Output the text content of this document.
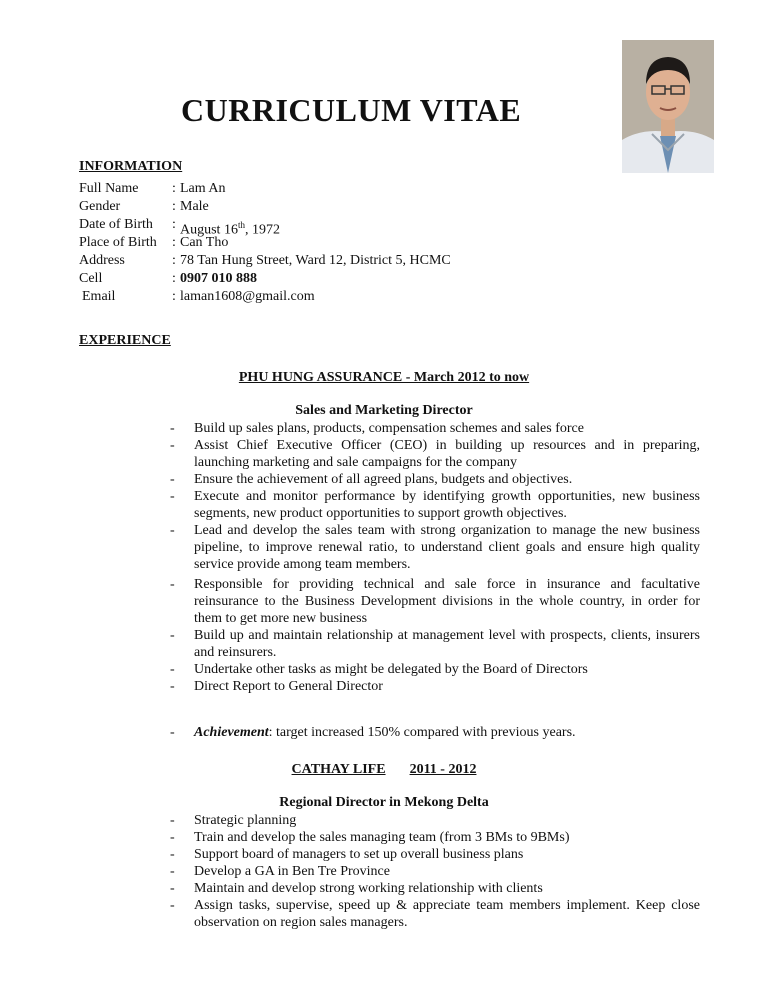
CURRICULUM VITAE
INFORMATION
Full Name	: Lam An
Gender	: Male
Date of Birth	: August 16th, 1972
Place of Birth	: Can Tho
Address	: 78 Tan Hung Street, Ward 12, District 5, HCMC
Cell	: 0907 010 888
Email	: laman1608@gmail.com
EXPERIENCE
PHU HUNG ASSURANCE - March 2012 to now
Sales and Marketing Director
-	Build up sales plans, products, compensation schemes and sales force
-	Assist Chief Executive Officer (CEO) in building up resources and in preparing, launching marketing and sale campaigns for the company
-	Ensure the achievement of all agreed plans, budgets and objectives.
-	Execute and monitor performance by identifying growth opportunities, new business segments, new product opportunities to support growth objectives.
-	Lead and develop the sales team with strong organization to manage the new business pipeline, to improve renewal ratio, to understand client goals and ensure high quality service provide among team members.
-	Responsible for providing technical and sale force in insurance and facultative reinsurance to the Business Development divisions in the whole country, in order for them to get more new business
-	Build up and maintain relationship at management level with prospects, clients, insurers and reinsurers.
-	Undertake other tasks as might be delegated by the Board of Directors
-	Direct Report to General Director
-	Achievement: target increased 150% compared with previous years.
CATHAY LIFE 2011 - 2012
Regional Director in Mekong Delta
-	Strategic planning
-	Train and develop the sales managing team (from 3 BMs to 9BMs)
-	Support board of managers to set up overall business plans
-	Develop a GA in Ben Tre Province
-	Maintain and develop strong working relationship with clients
-	Assign tasks, supervise, speed up & appreciate team members implement. Keep close observation on region sales managers.
